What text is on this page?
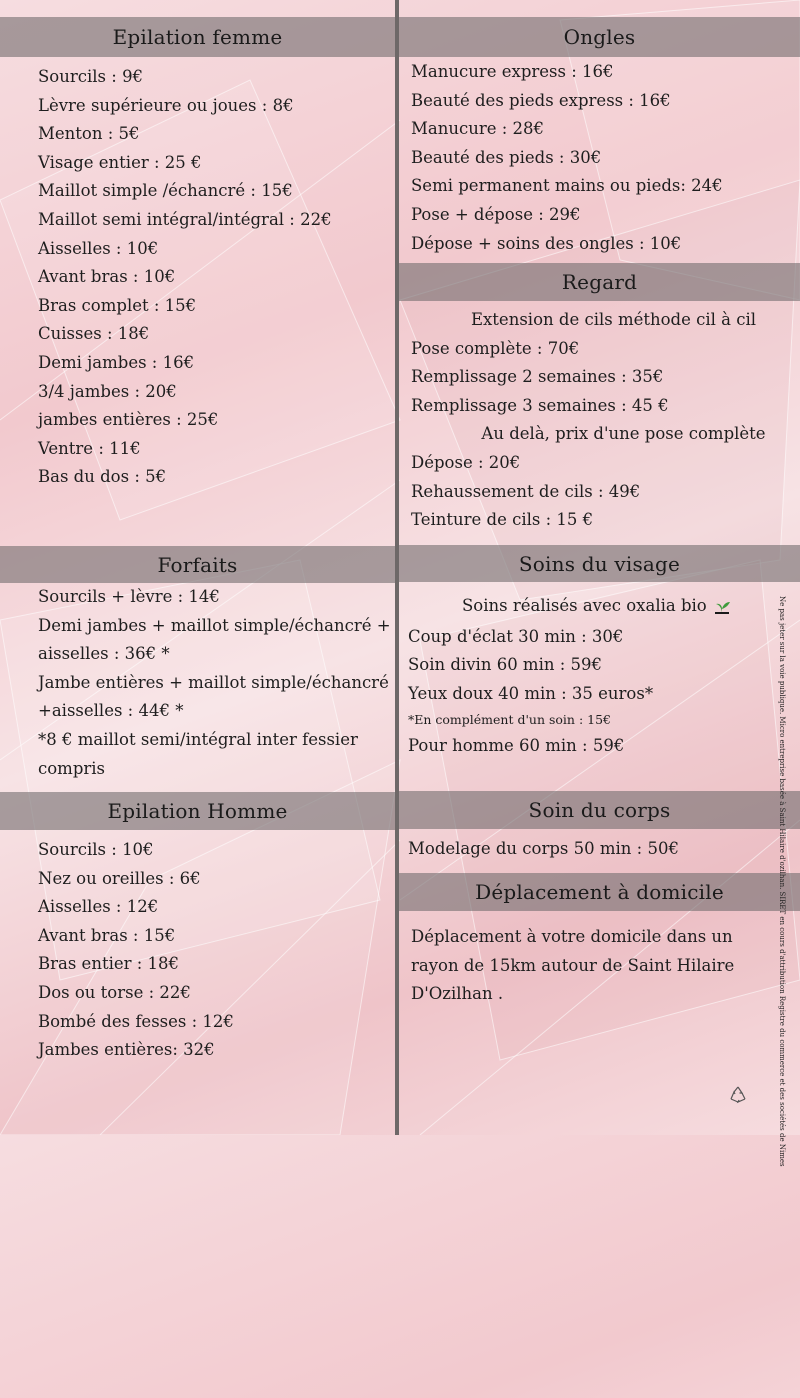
Epilation femme
Sourcils : 9€
Lèvre supérieure ou joues : 8€
Menton : 5€
Visage entier : 25 €
Maillot simple /échancré : 15€
Maillot semi intégral/intégral : 22€
Aisselles : 10€
Avant bras : 10€
Bras complet : 15€
Cuisses : 18€
Demi jambes : 16€
3/4 jambes : 20€
jambes entières : 25€
Ventre : 11€
Bas du dos : 5€
Forfaits
Sourcils + lèvre : 14€
Demi jambes + maillot simple/échancré +
aisselles : 36€ *
Jambe entières + maillot simple/échancré
+aisselles : 44€ *
*8 € maillot semi/intégral inter fessier
compris
Epilation Homme
Sourcils : 10€
Nez ou oreilles : 6€
Aisselles : 12€
Avant bras : 15€
Bras entier : 18€
Dos ou torse : 22€
Bombé des fesses : 12€
Jambes entières: 32€
Ongles
Manucure express : 16€
Beauté des pieds express : 16€
Manucure : 28€
Beauté des pieds : 30€
Semi permanent mains ou pieds: 24€
Pose + dépose : 29€
Dépose + soins des ongles : 10€
Regard
Extension de cils méthode cil à cil
Pose complète : 70€
Remplissage 2 semaines : 35€
Remplissage 3 semaines : 45 €
Au delà, prix d'une pose complète
Dépose : 20€
Rehaussement de cils : 49€
Teinture de cils : 15 €
Soins du visage
Soins réalisés avec oxalia bio
Coup d'éclat 30 min : 30€
Soin divin 60 min : 59€
Yeux doux 40 min : 35 euros*
*En complément d'un soin : 15€
Pour homme 60 min : 59€
Soin du corps
Modelage du corps 50 min : 50€
Déplacement à domicile
Déplacement à votre domicile dans un
rayon de 15km autour de Saint Hilaire
D'Ozilhan .	Ne pas jeter sur la voie publique. Micro entreprise basée à Saint Hilaire d'ozilhan. SIRET en cours d'attribution Registre du commerce et des sociétés de Nimes
